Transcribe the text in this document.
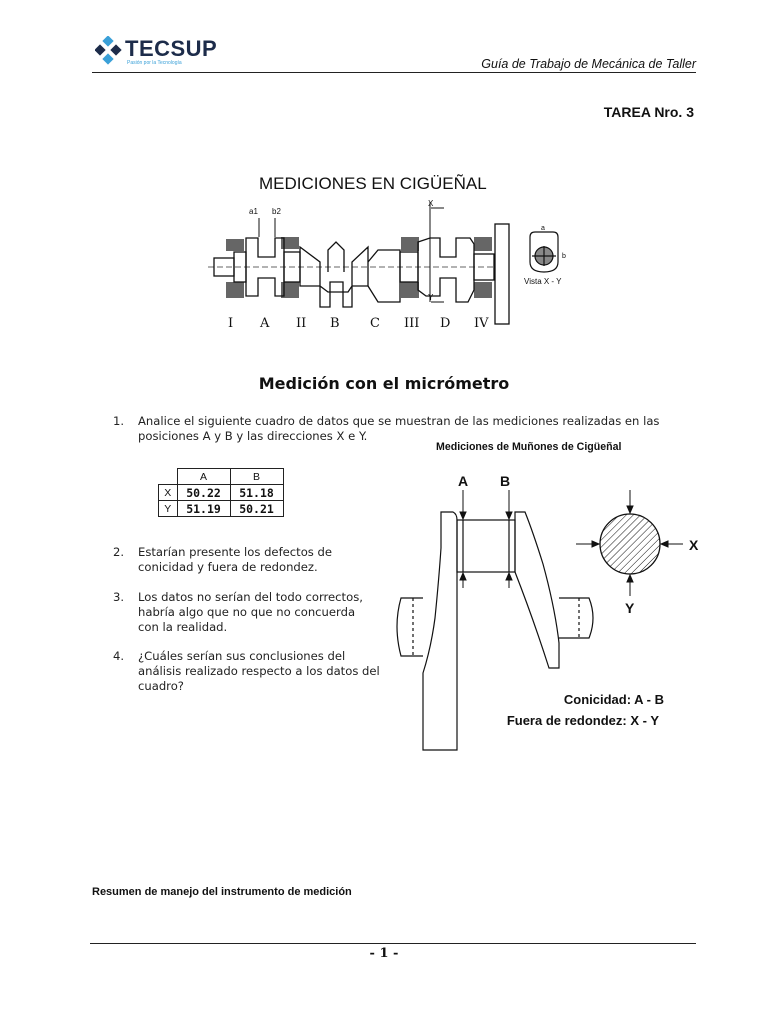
TECSUP
Pasión por la Tecnología	Guía de Trabajo de Mecánica de Taller
TAREA Nro. 3
MEDICIONES EN CIGÜEÑAL
a1 b2
X
Y
a
b
Vista X - Y
I A II B C III D IV
Medición con el micrómetro
1. Analice el siguiente cuadro de datos que se muestran de las mediciones realizadas en las
posiciones A y B y las direcciones X e Y.
Mediciones de Muñones de Cigüeñal
	A	B
X	50.22	51.18
Y	51.19	50.21
2. Estarían presente los defectos de
conicidad y fuera de redondez.
3. Los datos no serían del todo correctos,
habría algo que no que no concuerda
con la realidad.
4. ¿Cuáles serían sus conclusiones del
análisis realizado respecto a los datos del
cuadro?
A B
X
Y
Conicidad: A - B
Fuera de redondez: X - Y
Resumen de manejo del instrumento de medición
- 1 -
